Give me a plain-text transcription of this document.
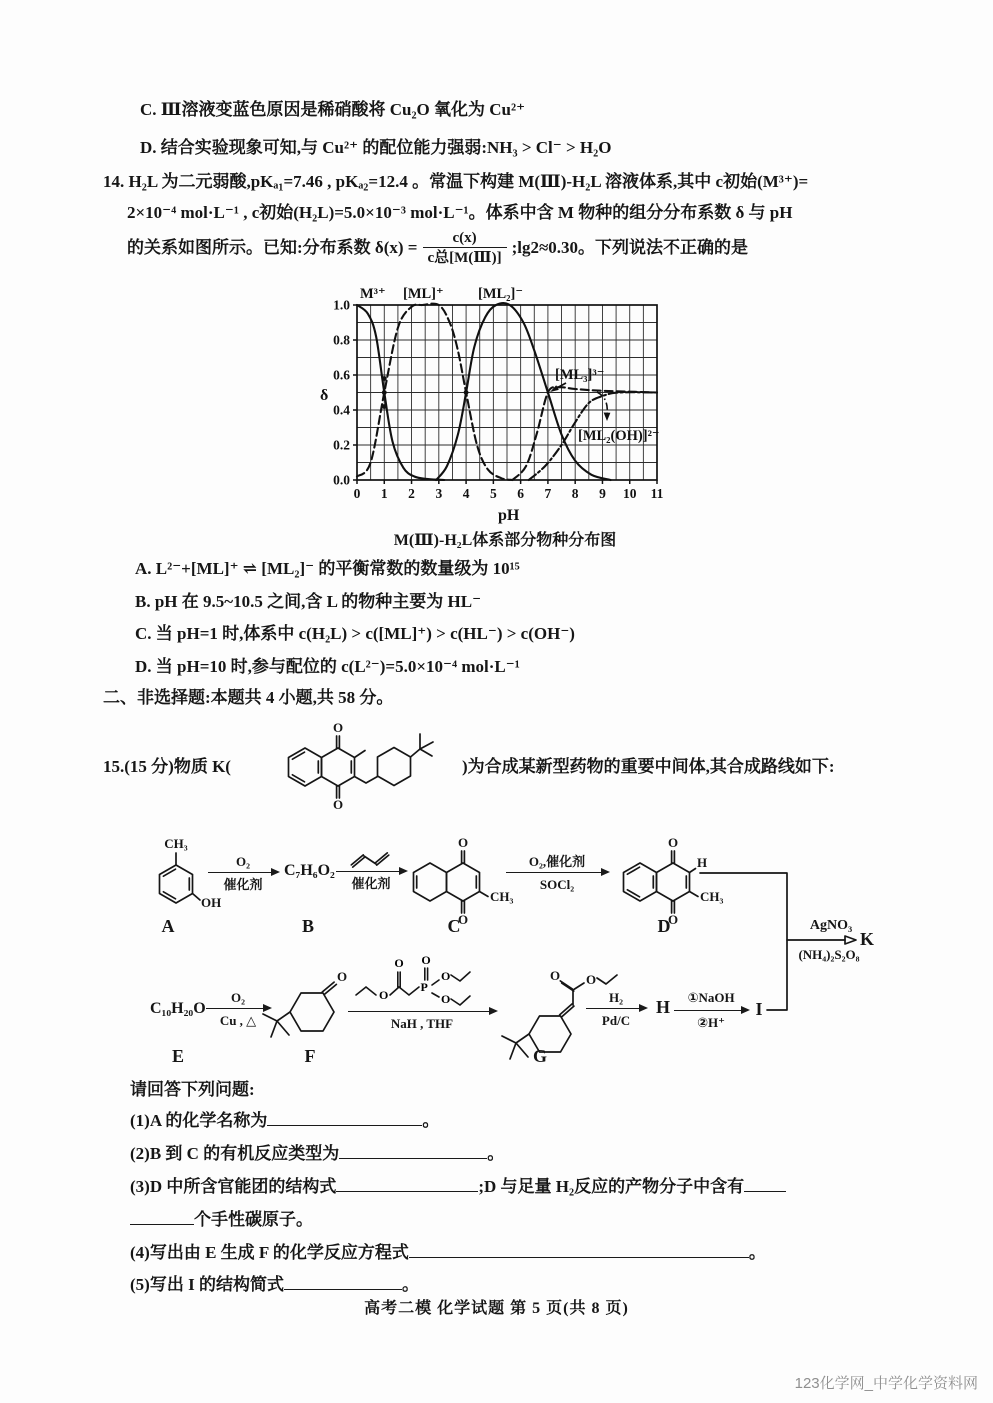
C. Ⅲ溶液变蓝色原因是稀硝酸将 Cu₂O 氧化为 Cu²⁺
D. 结合实验现象可知,与 Cu²⁺ 的配位能力强弱:NH₃ > Cl⁻ > H₂O
14. H₂L 为二元弱酸,pKₐ₁=7.46 , pKₐ₂=12.4 。常温下构建 M(Ⅲ)-H₂L 溶液体系,其中 c初始(M³⁺)=
2×10⁻⁴ mol·L⁻¹ , c初始(H₂L)=5.0×10⁻³ mol·L⁻¹。体系中含 M 物种的组分分布系数 δ 与 pH
的关系如图所示。已知:分布系数 $\delta(x) = \frac{c(x)}{\text{c总[M(Ⅲ)]}}$ ;lg2≈0.30。下列说法不正确的是
0 1 2 3 4 5 6 7 8 9 10 11
0.0
0.2
0.4
0.6
0.8
1.0
M³⁺ [ML]⁺ [ML₂]⁻
[ML₃]³⁻
[ML₂(OH)]²⁻
δ
pH
M(Ⅲ)-H₂L体系部分物种分布图
A. L²⁻+[ML]⁺ ⇌ [ML₂]⁻ 的平衡常数的数量级为 10¹⁵
B. pH 在 9.5~10.5 之间,含 L 的物种主要为 HL⁻
C. 当 pH=1 时,体系中 c(H₂L) > c([ML]⁺) > c(HL⁻) > c(OH⁻)
D. 当 pH=10 时,参与配位的 c(L²⁻)=5.0×10⁻⁴ mol·L⁻¹
二、非选择题:本题共 4 小题,共 58 分。
15.(15 分)物质 K(
O
O
)为合成某新型药物的重要中间体,其合成路线如下:
CH₃
OH
A
O₂
催化剂
C₇H₆O₂
B
催化剂
O
O
CH₃
C
O₂,催化剂
SOCl₂
O
O
H
CH₃
D	AgNO₃
(NH₄)₂S₂O₈
K
C₁₀H₂₀O
E
O₂
Cu , △
O
F
O
O
P
O
O
O
NaH , THF
O O
G
H₂
Pd/C
H	①NaOH
②H⁺
I
请回答下列问题:
(1)A 的化学名称为	。
(2)B 到 C 的有机反应类型为	。
(3)D 中所含官能团的结构式	;D 与足量 H₂反应的产物分子中含有
个手性碳原子。
(4)写出由 E 生成 F 的化学反应方程式	。
(5)写出 I 的结构简式	。
高考二模 化学试题 第 5 页(共 8 页)
123化学网_中学化学资料网
